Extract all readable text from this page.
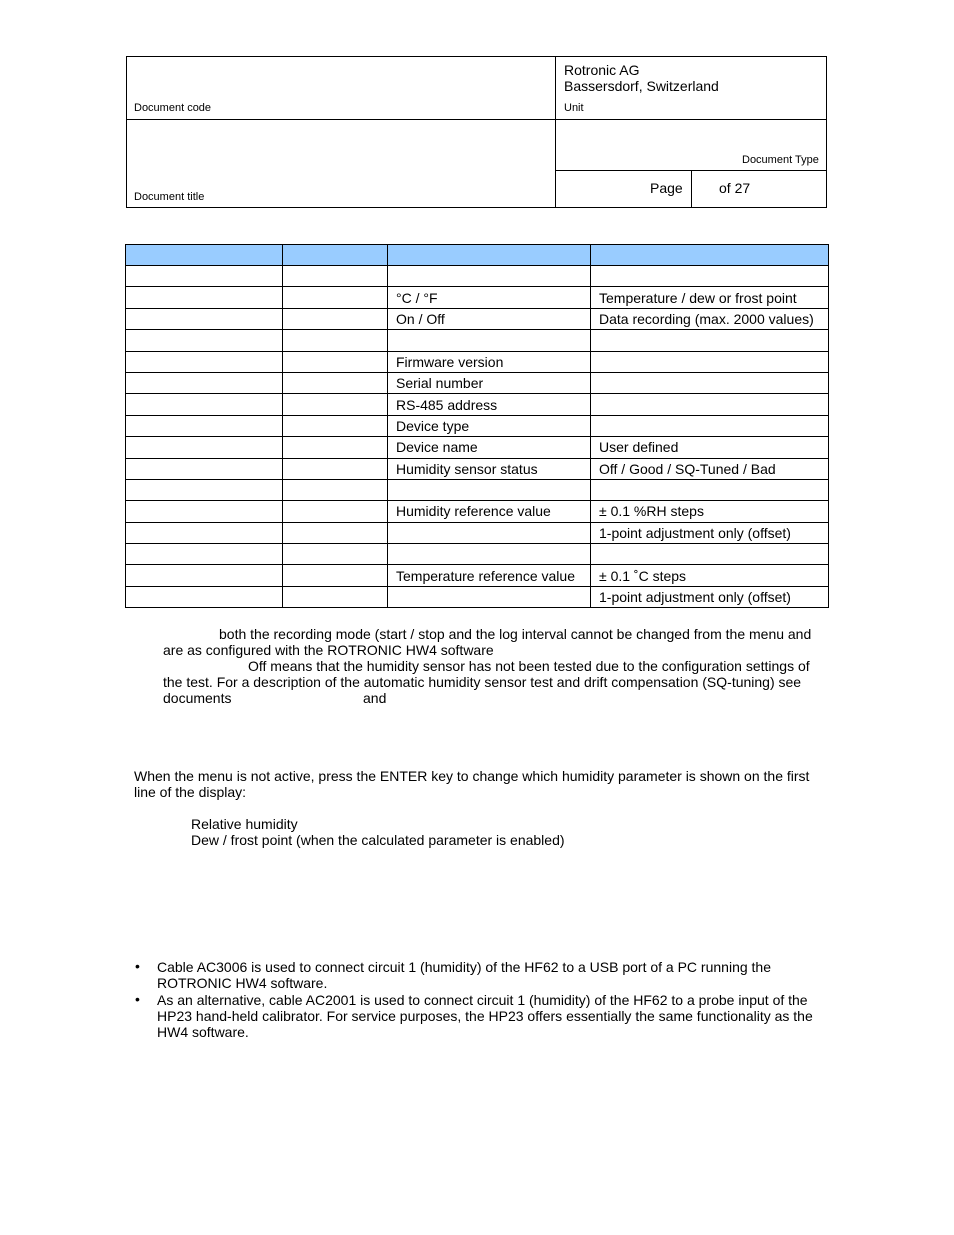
Rotronic AG
Bassersdorf, Switzerland
Document code	Unit
Document Type
Document title
Page	of 27

		°C / °F	Temperature / dew or frost point
		On / Off	Data recording (max. 2000 values)

		Firmware version	
		Serial number	
		RS-485 address	
		Device type	
		Device name	User defined
		Humidity sensor status	Off / Good / SQ-Tuned / Bad

		Humidity reference value	± 0.1 %RH steps
			1-point adjustment only (offset)

		Temperature reference value	± 0.1 ˚C steps
			1-point adjustment only (offset)
both the recording mode (start / stop and the log interval cannot be changed from the menu and
are as configured with the ROTRONIC HW4 software
Off means that the humidity sensor has not been tested due to the configuration settings of
the test. For a description of the automatic humidity sensor test and drift compensation (SQ-tuning) see
documents	and
When the menu is not active, press the ENTER key to change which humidity parameter is shown on the first
line of the display:
Relative humidity
Dew / frost point (when the calculated parameter is enabled)
• Cable AC3006 is used to connect circuit 1 (humidity) of the HF62 to a USB port of a PC running the
ROTRONIC HW4 software.
• As an alternative, cable AC2001 is used to connect circuit 1 (humidity) of the HF62 to a probe input of the
HP23 hand-held calibrator. For service purposes, the HP23 offers essentially the same functionality as the
HW4 software.
